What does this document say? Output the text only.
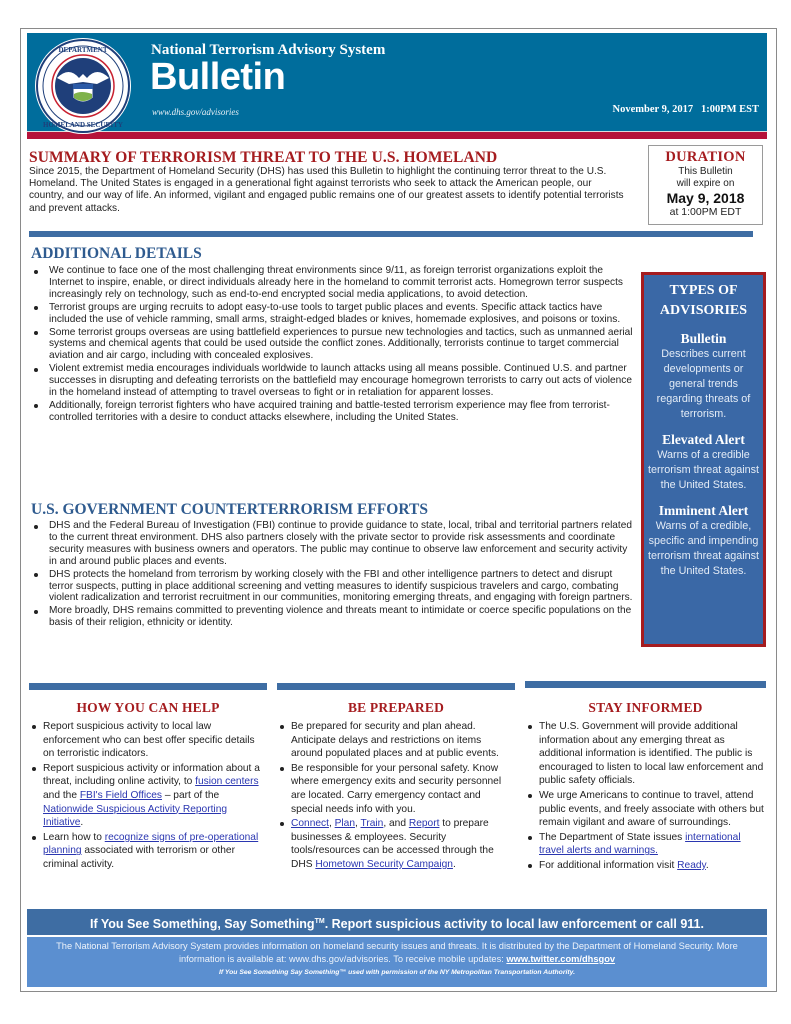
DEPARTMENT
HOMELAND SECURITY
National Terrorism Advisory System
Bulletin
www.dhs.gov/advisories	November 9, 2017   1:00PM EST
SUMMARY OF TERRORISM THREAT TO THE U.S. HOMELAND
Since 2015, the Department of Homeland Security (DHS) has used this Bulletin to highlight the continuing terror threat to the U.S. Homeland. The United States is engaged in a generational fight against terrorists who seek to attack the American people, our country, and our way of life. An informed, vigilant and engaged public remains one of our greatest assets to identify potential terrorists and prevent attacks.
DURATION
This Bulletin
will expire on
May 9, 2018
at 1:00PM EDT
ADDITIONAL DETAILS
We continue to face one of the most challenging threat environments since 9/11, as foreign terrorist organizations exploit the Internet to inspire, enable, or direct individuals already here in the homeland to commit terrorist acts. Homegrown terror suspects increasingly rely on technology, such as end-to-end encrypted social media applications, to avoid detection.
Terrorist groups are urging recruits to adopt easy-to-use tools to target public places and events. Specific attack tactics have included the use of vehicle ramming, small arms, straight-edged blades or knives, homemade explosives, and poisons or toxins.
Some terrorist groups overseas are using battlefield experiences to pursue new technologies and tactics, such as unmanned aerial systems and chemical agents that could be used outside the conflict zones. Additionally, terrorists continue to target commercial aviation and air cargo, including with concealed explosives.
Violent extremist media encourages individuals worldwide to launch attacks using all means possible. Continued U.S. and partner successes in disrupting and defeating terrorists on the battlefield may encourage homegrown terrorists to carry out acts of violence in the homeland instead of attempting to travel overseas to fight or in retaliation for apparent losses.
Additionally, foreign terrorist fighters who have acquired training and battle-tested terrorism experience may flee from terrorist-controlled territories with a desire to conduct attacks elsewhere, including the United States.
U.S. GOVERNMENT COUNTERTERRORISM EFFORTS
DHS and the Federal Bureau of Investigation (FBI) continue to provide guidance to state, local, tribal and territorial partners related to the current threat environment. DHS also partners closely with the private sector to provide risk assessments and coordinate security measures with business owners and operators. The public may continue to observe law enforcement and security activity in and around public places and events.
DHS protects the homeland from terrorism by working closely with the FBI and other intelligence partners to detect and disrupt terror suspects, putting in place additional screening and vetting measures to identify suspicious travelers and cargo, combating violent radicalization and terrorist recruitment in our communities, monitoring emerging threats, and engaging with foreign partners.
More broadly, DHS remains committed to preventing violence and threats meant to intimidate or coerce specific populations on the basis of their religion, ethnicity or identity.
TYPES OF
ADVISORIES
Bulletin
Describes current developments or general trends regarding threats of terrorism.
Elevated Alert
Warns of a credible terrorism threat against the United States.
Imminent Alert
Warns of a credible, specific and impending terrorism threat against the United States.
HOW YOU CAN HELP
Report suspicious activity to local law enforcement who can best offer specific details on terroristic indicators.
Report suspicious activity or information about a threat, including online activity, to fusion centers and the FBI's Field Offices – part of the Nationwide Suspicious Activity Reporting Initiative.
Learn how to recognize signs of pre-operational planning associated with terrorism or other criminal activity.
BE PREPARED
Be prepared for security and plan ahead. Anticipate delays and restrictions on items around populated places and at public events.
Be responsible for your personal safety. Know where emergency exits and security personnel are located. Carry emergency contact and special needs info with you.
Connect, Plan, Train, and Report to prepare businesses & employees. Security tools/resources can be accessed through the DHS Hometown Security Campaign.
STAY INFORMED
The U.S. Government will provide additional information about any emerging threat as additional information is identified. The public is encouraged to listen to local law enforcement and public safety officials.
We urge Americans to continue to travel, attend public events, and freely associate with others but remain vigilant and aware of surroundings.
The Department of State issues international travel alerts and warnings.
For additional information visit Ready.
If You See Something, Say Something™. Report suspicious activity to local law enforcement or call 911.
The National Terrorism Advisory System provides information on homeland security issues and threats. It is distributed by the Department of Homeland Security. More information is available at: www.dhs.gov/advisories. To receive mobile updates: www.twitter.com/dhsgov
If You See Something Say Something™ used with permission of the NY Metropolitan Transportation Authority.
